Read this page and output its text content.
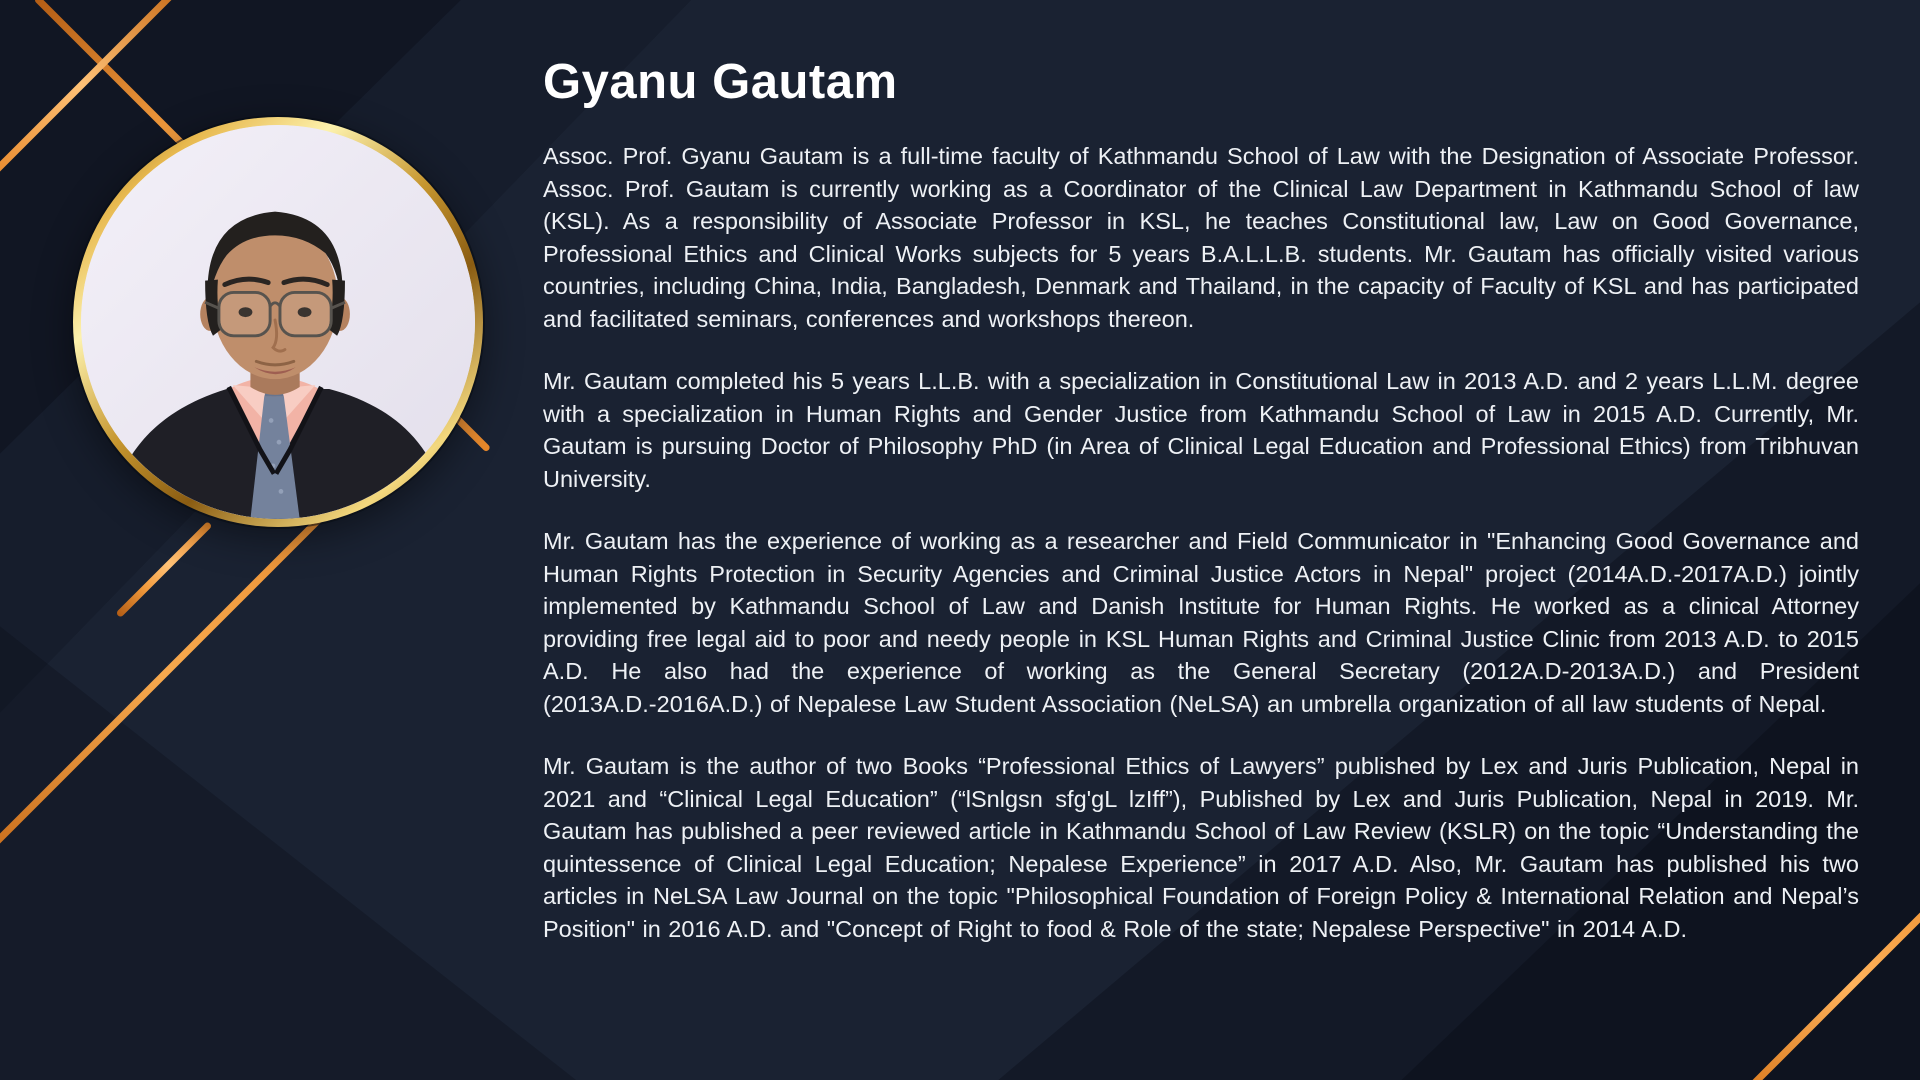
Gyanu Gautam

Assoc. Prof. Gyanu Gautam is a full-time faculty of Kathmandu School of Law with the Designation of Associate Professor. Assoc. Prof. Gautam is currently working as a Coordinator of the Clinical Law Department in Kathmandu School of law (KSL). As a responsibility of Associate Professor in KSL, he teaches Constitutional law, Law on Good Governance, Professional Ethics and Clinical Works subjects for 5 years B.A.L.L.B. students. Mr. Gautam has officially visited various countries, including China, India, Bangladesh, Denmark and Thailand, in the capacity of Faculty of KSL and has participated and facilitated seminars, conferences and workshops thereon.

Mr. Gautam completed his 5 years L.L.B. with a specialization in Constitutional Law in 2013 A.D. and 2 years L.L.M. degree with a specialization in Human Rights and Gender Justice from Kathmandu School of Law in 2015 A.D. Currently, Mr. Gautam is pursuing Doctor of Philosophy PhD (in Area of Clinical Legal Education and Professional Ethics) from Tribhuvan University.

Mr. Gautam has the experience of working as a researcher and Field Communicator in "Enhancing Good Governance and Human Rights Protection in Security Agencies and Criminal Justice Actors in Nepal" project (2014A.D.-2017A.D.) jointly implemented by Kathmandu School of Law and Danish Institute for Human Rights. He worked as a clinical Attorney providing free legal aid to poor and needy people in KSL Human Rights and Criminal Justice Clinic from 2013 A.D. to 2015 A.D. He also had the experience of working as the General Secretary (2012A.D-2013A.D.) and President (2013A.D.-2016A.D.) of Nepalese Law Student Association (NeLSA) an umbrella organization of all law students of Nepal.

Mr. Gautam is the author of two Books “Professional Ethics of Lawyers” published by Lex and Juris Publication, Nepal in 2021 and “Clinical Legal Education” (“lSnlgsn sfg'gL lzIff”), Published by Lex and Juris Publication, Nepal in 2019. Mr. Gautam has published a peer reviewed article in Kathmandu School of Law Review (KSLR) on the topic “Understanding the quintessence of Clinical Legal Education; Nepalese Experience” in 2017 A.D. Also, Mr. Gautam has published his two articles in NeLSA Law Journal on the topic "Philosophical Foundation of Foreign Policy & International Relation and Nepal’s Position" in 2016 A.D. and "Concept of Right to food & Role of the state; Nepalese Perspective" in 2014 A.D.
